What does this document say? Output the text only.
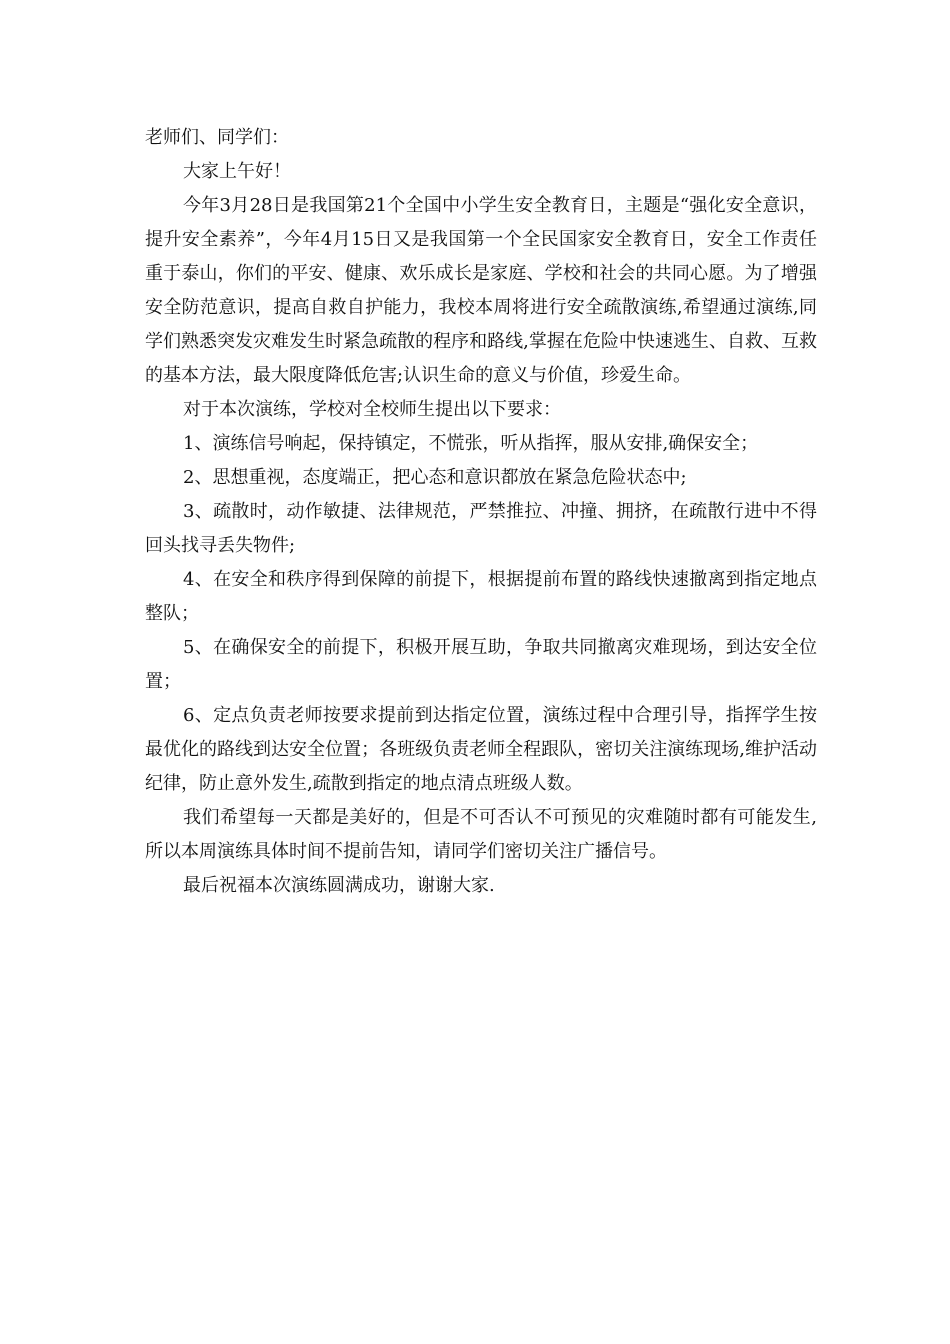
老师们、同学们：

大家上午好！

今年3月28日是我国第21个全国中小学生安全教育日，主题是“强化安全意识，提升安全素养”，今年4月15日又是我国第一个全民国家安全教育日，安全工作责任重于泰山，你们的平安、健康、欢乐成长是家庭、学校和社会的共同心愿。为了增强安全防范意识，提高自救自护能力，我校本周将进行安全疏散演练,希望通过演练,同学们熟悉突发灾难发生时紧急疏散的程序和路线,掌握在危险中快速逃生、自救、互救的基本方法，最大限度降低危害;认识生命的意义与价值，珍爱生命。

对于本次演练，学校对全校师生提出以下要求：

1、演练信号响起，保持镇定，不慌张，听从指挥，服从安排,确保安全；

2、思想重视，态度端正，把心态和意识都放在紧急危险状态中;

3、疏散时，动作敏捷、法律规范，严禁推拉、冲撞、拥挤，在疏散行进中不得回头找寻丢失物件;

4、在安全和秩序得到保障的前提下，根据提前布置的路线快速撤离到指定地点整队；

5、在确保安全的前提下，积极开展互助，争取共同撤离灾难现场，到达安全位置；

6、定点负责老师按要求提前到达指定位置，演练过程中合理引导，指挥学生按最优化的路线到达安全位置；各班级负责老师全程跟队，密切关注演练现场,维护活动纪律，防止意外发生,疏散到指定的地点清点班级人数。

我们希望每一天都是美好的，但是不可否认不可预见的灾难随时都有可能发生,所以本周演练具体时间不提前告知，请同学们密切关注广播信号。

最后祝福本次演练圆满成功，谢谢大家.
